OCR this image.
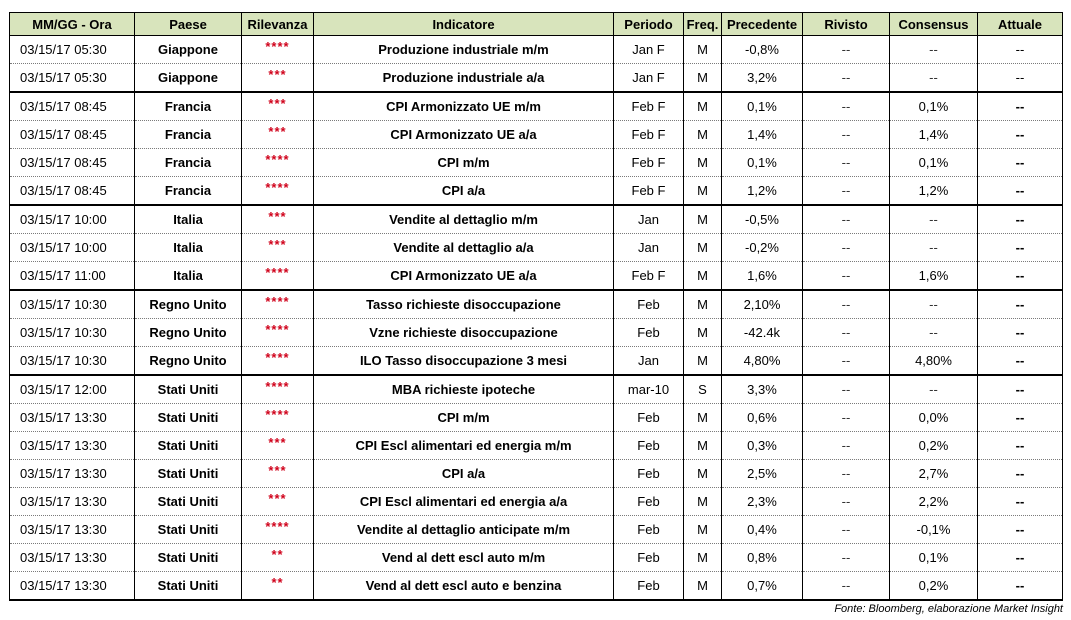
MM/GG - Ora	Paese	Rilevanza	Indicatore	Periodo	Freq.	Precedente	Rivisto	Consensus	Attuale
03/15/17 05:30	Giappone	****	Produzione industriale m/m	Jan F	M	-0,8%	--	--	--
03/15/17 05:30	Giappone	***	Produzione industriale a/a	Jan F	M	3,2%	--	--	--
03/15/17 08:45	Francia	***	CPI Armonizzato UE m/m	Feb F	M	0,1%	--	0,1%	--
03/15/17 08:45	Francia	***	CPI Armonizzato UE a/a	Feb F	M	1,4%	--	1,4%	--
03/15/17 08:45	Francia	****	CPI m/m	Feb F	M	0,1%	--	0,1%	--
03/15/17 08:45	Francia	****	CPI a/a	Feb F	M	1,2%	--	1,2%	--
03/15/17 10:00	Italia	***	Vendite al dettaglio m/m	Jan	M	-0,5%	--	--	--
03/15/17 10:00	Italia	***	Vendite al dettaglio a/a	Jan	M	-0,2%	--	--	--
03/15/17 11:00	Italia	****	CPI Armonizzato UE a/a	Feb F	M	1,6%	--	1,6%	--
03/15/17 10:30	Regno Unito	****	Tasso richieste disoccupazione	Feb	M	2,10%	--	--	--
03/15/17 10:30	Regno Unito	****	Vzne richieste disoccupazione	Feb	M	-42.4k	--	--	--
03/15/17 10:30	Regno Unito	****	ILO Tasso disoccupazione 3 mesi	Jan	M	4,80%	--	4,80%	--
03/15/17 12:00	Stati Uniti	****	MBA richieste ipoteche	mar-10	S	3,3%	--	--	--
03/15/17 13:30	Stati Uniti	****	CPI m/m	Feb	M	0,6%	--	0,0%	--
03/15/17 13:30	Stati Uniti	***	CPI Escl alimentari ed energia m/m	Feb	M	0,3%	--	0,2%	--
03/15/17 13:30	Stati Uniti	***	CPI a/a	Feb	M	2,5%	--	2,7%	--
03/15/17 13:30	Stati Uniti	***	CPI Escl alimentari ed energia a/a	Feb	M	2,3%	--	2,2%	--
03/15/17 13:30	Stati Uniti	****	Vendite al dettaglio anticipate m/m	Feb	M	0,4%	--	-0,1%	--
03/15/17 13:30	Stati Uniti	**	Vend al dett escl auto m/m	Feb	M	0,8%	--	0,1%	--
03/15/17 13:30	Stati Uniti	**	Vend al dett escl auto e benzina	Feb	M	0,7%	--	0,2%	--
Fonte: Bloomberg, elaborazione Market Insight
